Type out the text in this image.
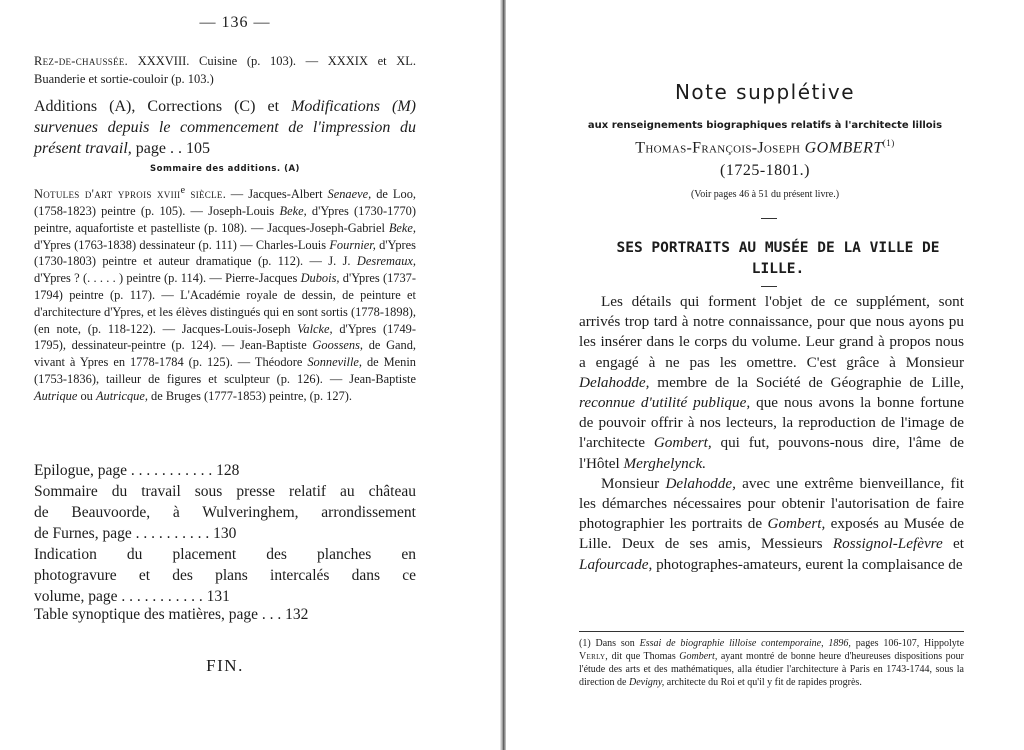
— 136 —

Rez-de-chaussée. XXXVIII. Cuisine (p. 103). — XXXIX et XL. Buanderie et sortie-couloir (p. 103.)

Additions (A), Corrections (C) et Modifications (M) survenues depuis le commencement de l'impression du présent travail, page . . 105

Sommaire des additions. (A)

Notules d'art yprois xviii$^e$ siècle. — Jacques-Albert Senaeve, de Loo, (1758-1823) peintre (p. 105). — Joseph-Louis Beke, d'Ypres (1730-1770) peintre, aquafortiste et pastelliste (p. 108). — Jacques-Joseph-Gabriel Beke, d'Ypres (1763-1838) dessinateur (p. 111) — Charles-Louis Fournier, d'Ypres (1730-1803) peintre et auteur dramatique (p. 112). — J. J. Desremaux, d'Ypres ? (. . . . . ) peintre (p. 114). — Pierre-Jacques Dubois, d'Ypres (1737-1794) peintre (p. 117). — L'Académie royale de dessin, de peinture et d'architecture d'Ypres, et les élèves distingués qui en sont sortis (1778-1898), (en note, (p. 118-122). — Jacques-Louis-Joseph Valcke, d'Ypres (1749-1795), dessinateur-peintre (p. 124). — Jean-Baptiste Goossens, de Gand, vivant à Ypres en 1778-1784 (p. 125). — Théodore Sonneville, de Menin (1753-1836), tailleur de figures et sculpteur (p. 126). — Jean-Baptiste Autrique ou Autricque, de Bruges (1777-1853) peintre, (p. 127).

Epilogue, page . . . . . . . . . . . 128
Sommaire du travail sous presse relatif au château
de Beauvoorde, à Wulveringhem, arrondissement
de Furnes, page . . . . . . . . . . 130
Indication du placement des planches en
photogravure et des plans intercalés dans ce
volume, page . . . . . . . . . . . 131
Table synoptique des matières, page . . . 132
FIN.
Note supplétive
aux renseignements biographiques relatifs à l'architecte lillois
Thomas-François-Joseph GOMBERT$^{(1)}$
(1725-1801.)
(Voir pages 46 à 51 du présent livre.)
SES PORTRAITS AU MUSÉE DE LA VILLE DE LILLE.

Les détails qui forment l'objet de ce supplément, sont arrivés trop tard à notre connaissance, pour que nous ayons pu les insérer dans le corps du volume. Leur grand à propos nous a engagé à ne pas les omettre. C'est grâce à Monsieur Delahodde, membre de la Société de Géographie de Lille, reconnue d'utilité publique, que nous avons la bonne fortune de pouvoir offrir à nos lecteurs, la reproduction de l'image de l'architecte Gombert, qui fut, pouvons-nous dire, l'âme de l'Hôtel Merghelynck.

Monsieur Delahodde, avec une extrême bienveillance, fit les démarches nécessaires pour obtenir l'autorisation de faire photographier les portraits de Gombert, exposés au Musée de Lille. Deux de ses amis, Messieurs Rossignol-Lefèvre et Lafourcade, photographes-amateurs, eurent la complaisance de

(1) Dans son Essai de biographie lilloise contemporaine, 1896, pages 106-107, Hippolyte Verly, dit que Thomas Gombert, ayant montré de bonne heure d'heureuses dispositions pour l'étude des arts et des mathématiques, alla étudier l'architecture à Paris en 1743-1744, sous la direction de Devigny, architecte du Roi et qu'il y fit de rapides progrès.
